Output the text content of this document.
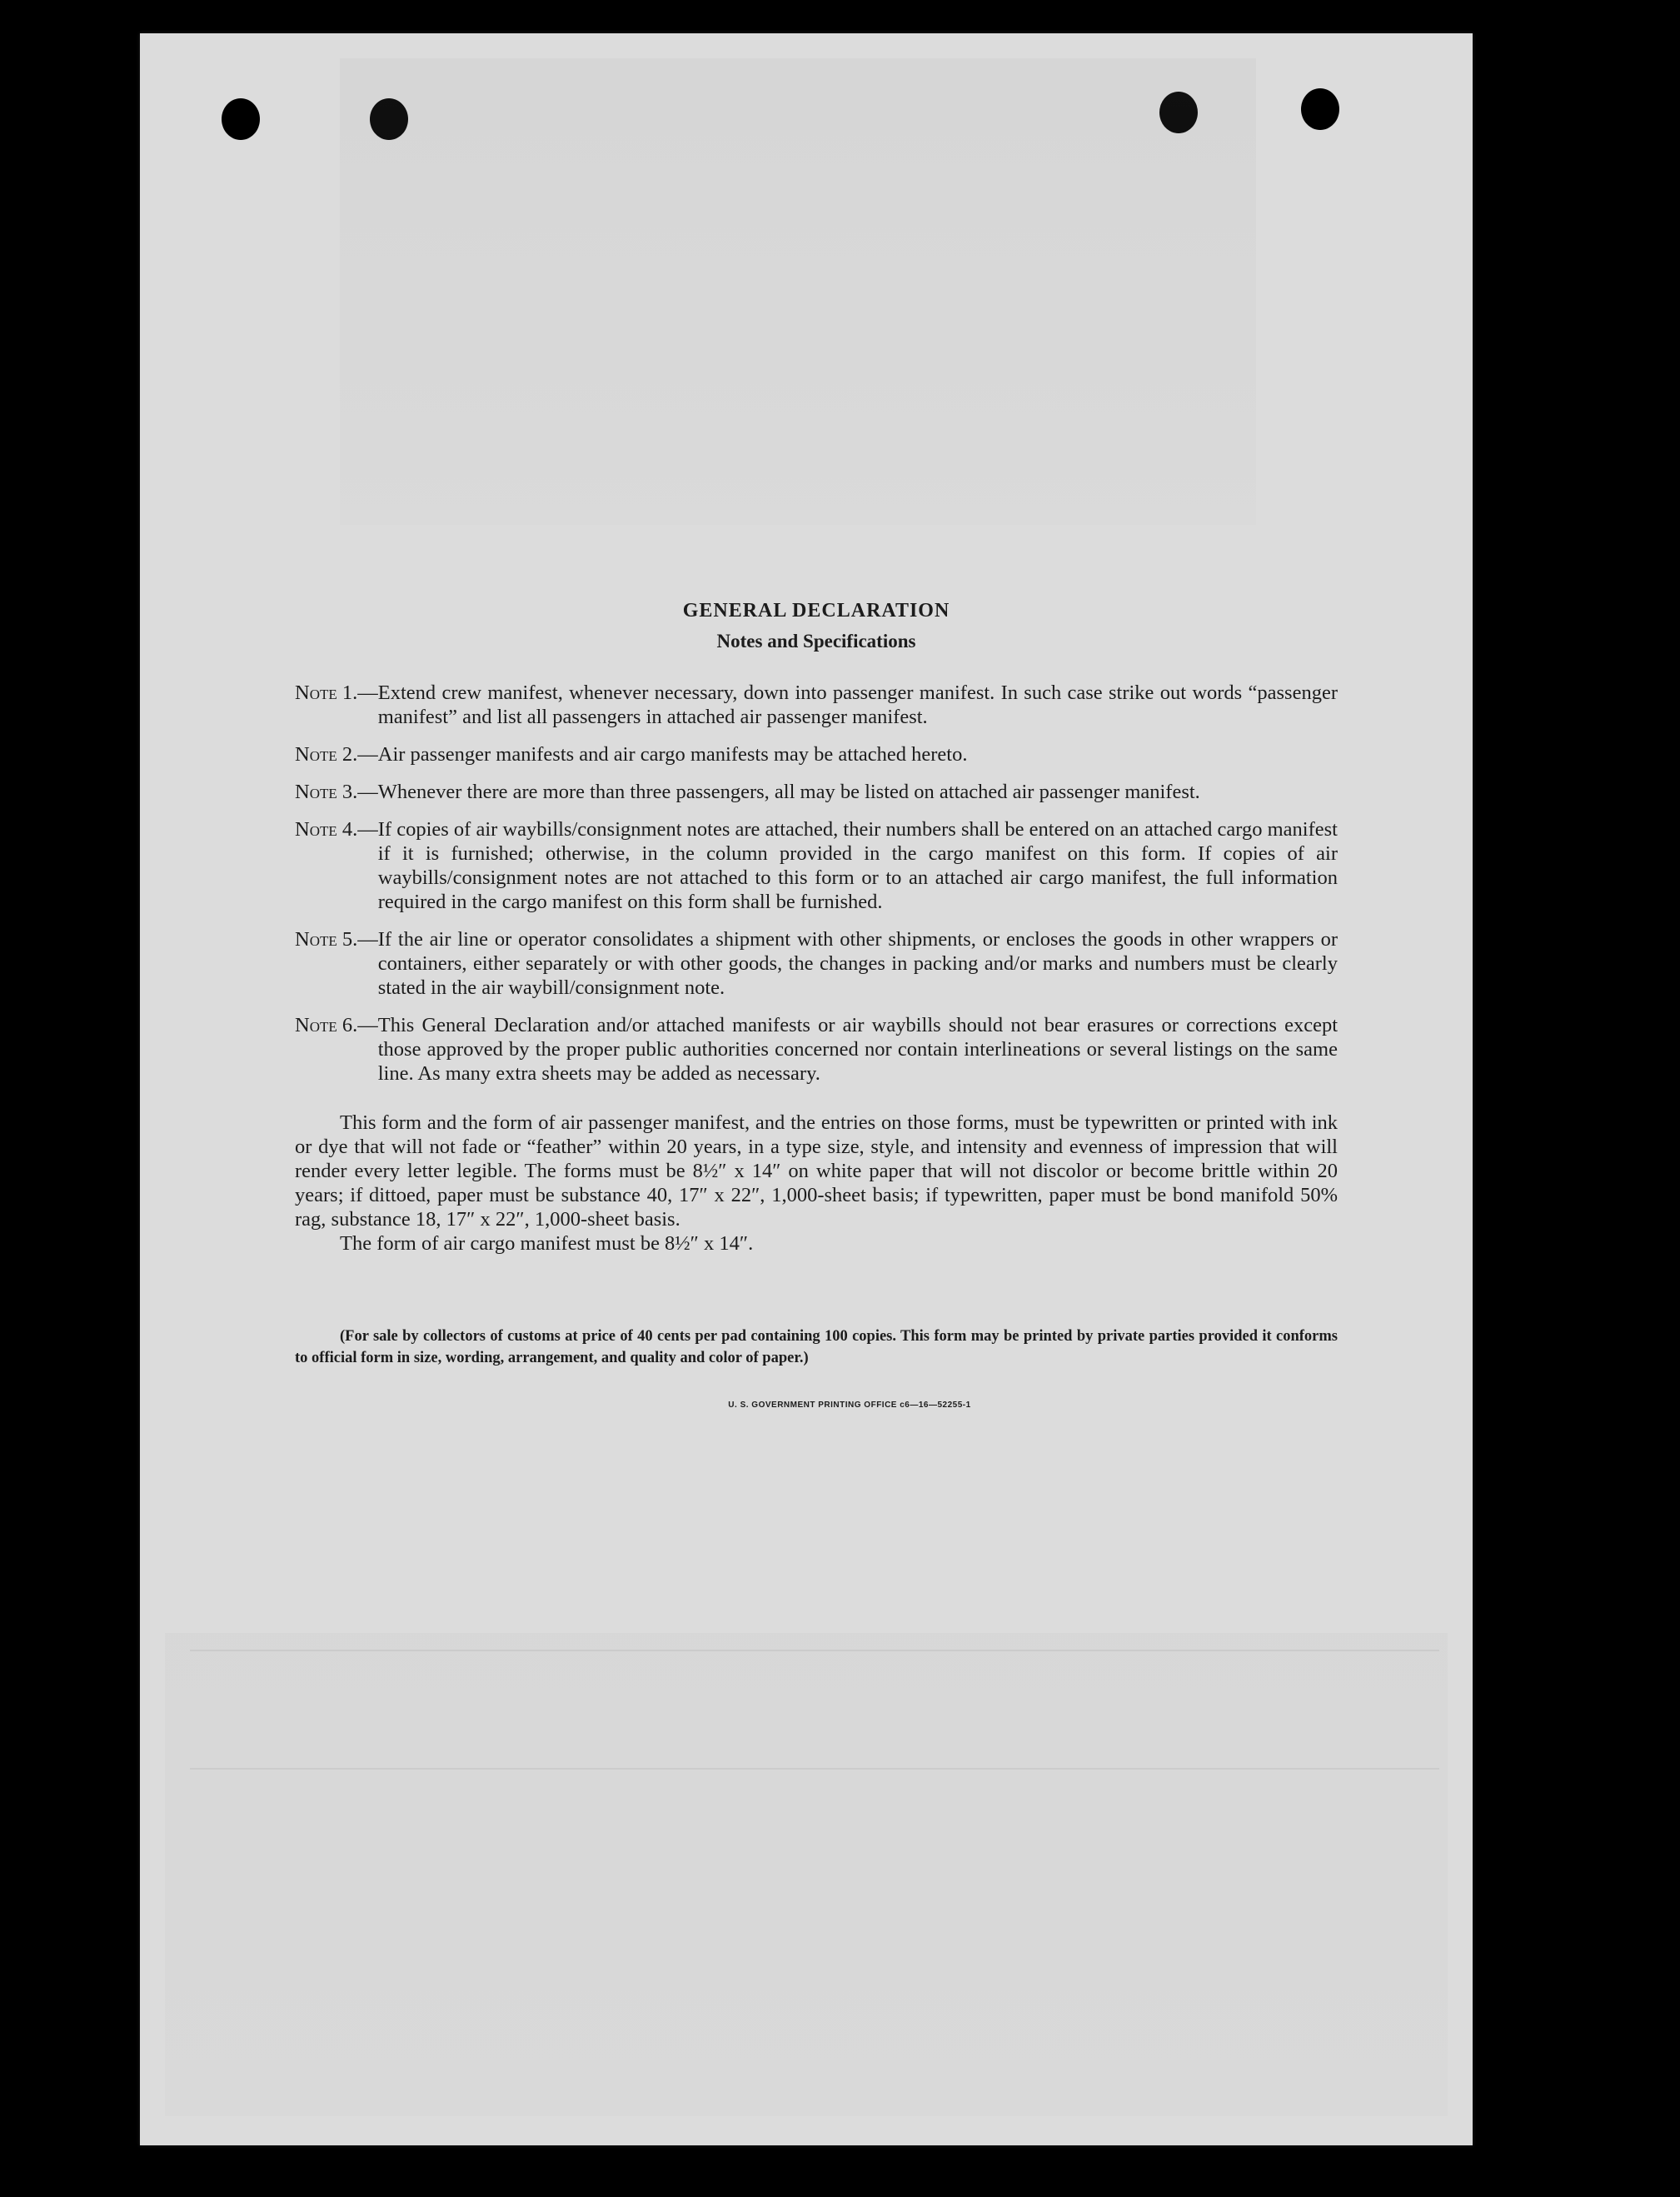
GENERAL DECLARATION
Notes and Specifications
Note 1. — Extend crew manifest, whenever necessary, down into passenger manifest. In such case strike out words “passenger manifest” and list all passengers in attached air passenger manifest.
Note 2. — Air passenger manifests and air cargo manifests may be attached hereto.
Note 3. — Whenever there are more than three passengers, all may be listed on attached air passenger manifest.
Note 4. — If copies of air waybills/consignment notes are attached, their numbers shall be entered on an attached cargo manifest if it is furnished; otherwise, in the column provided in the cargo manifest on this form. If copies of air waybills/consignment notes are not attached to this form or to an attached air cargo manifest, the full information required in the cargo manifest on this form shall be furnished.
Note 5. — If the air line or operator consolidates a shipment with other shipments, or encloses the goods in other wrappers or containers, either separately or with other goods, the changes in packing and/or marks and numbers must be clearly stated in the air waybill/consignment note.
Note 6. — This General Declaration and/or attached manifests or air waybills should not bear erasures or corrections except those approved by the proper public authorities concerned nor contain interlineations or several listings on the same line. As many extra sheets may be added as necessary.

This form and the form of air passenger manifest, and the entries on those forms, must be typewritten or printed with ink or dye that will not fade or “feather” within 20 years, in a type size, style, and intensity and evenness of impression that will render every letter legible. The forms must be 8½″ x 14″ on white paper that will not discolor or become brittle within 20 years; if dittoed, paper must be substance 40, 17″ x 22″, 1,000-sheet basis; if typewritten, paper must be bond manifold 50% rag, substance 18, 17″ x 22″, 1,000-sheet basis.

The form of air cargo manifest must be 8½″ x 14″.

(For sale by collectors of customs at price of 40 cents per pad containing 100 copies. This form may be printed by private parties provided it conforms to official form in size, wording, arrangement, and quality and color of paper.)

U. S. GOVERNMENT PRINTING OFFICE c6—16—52255-1
